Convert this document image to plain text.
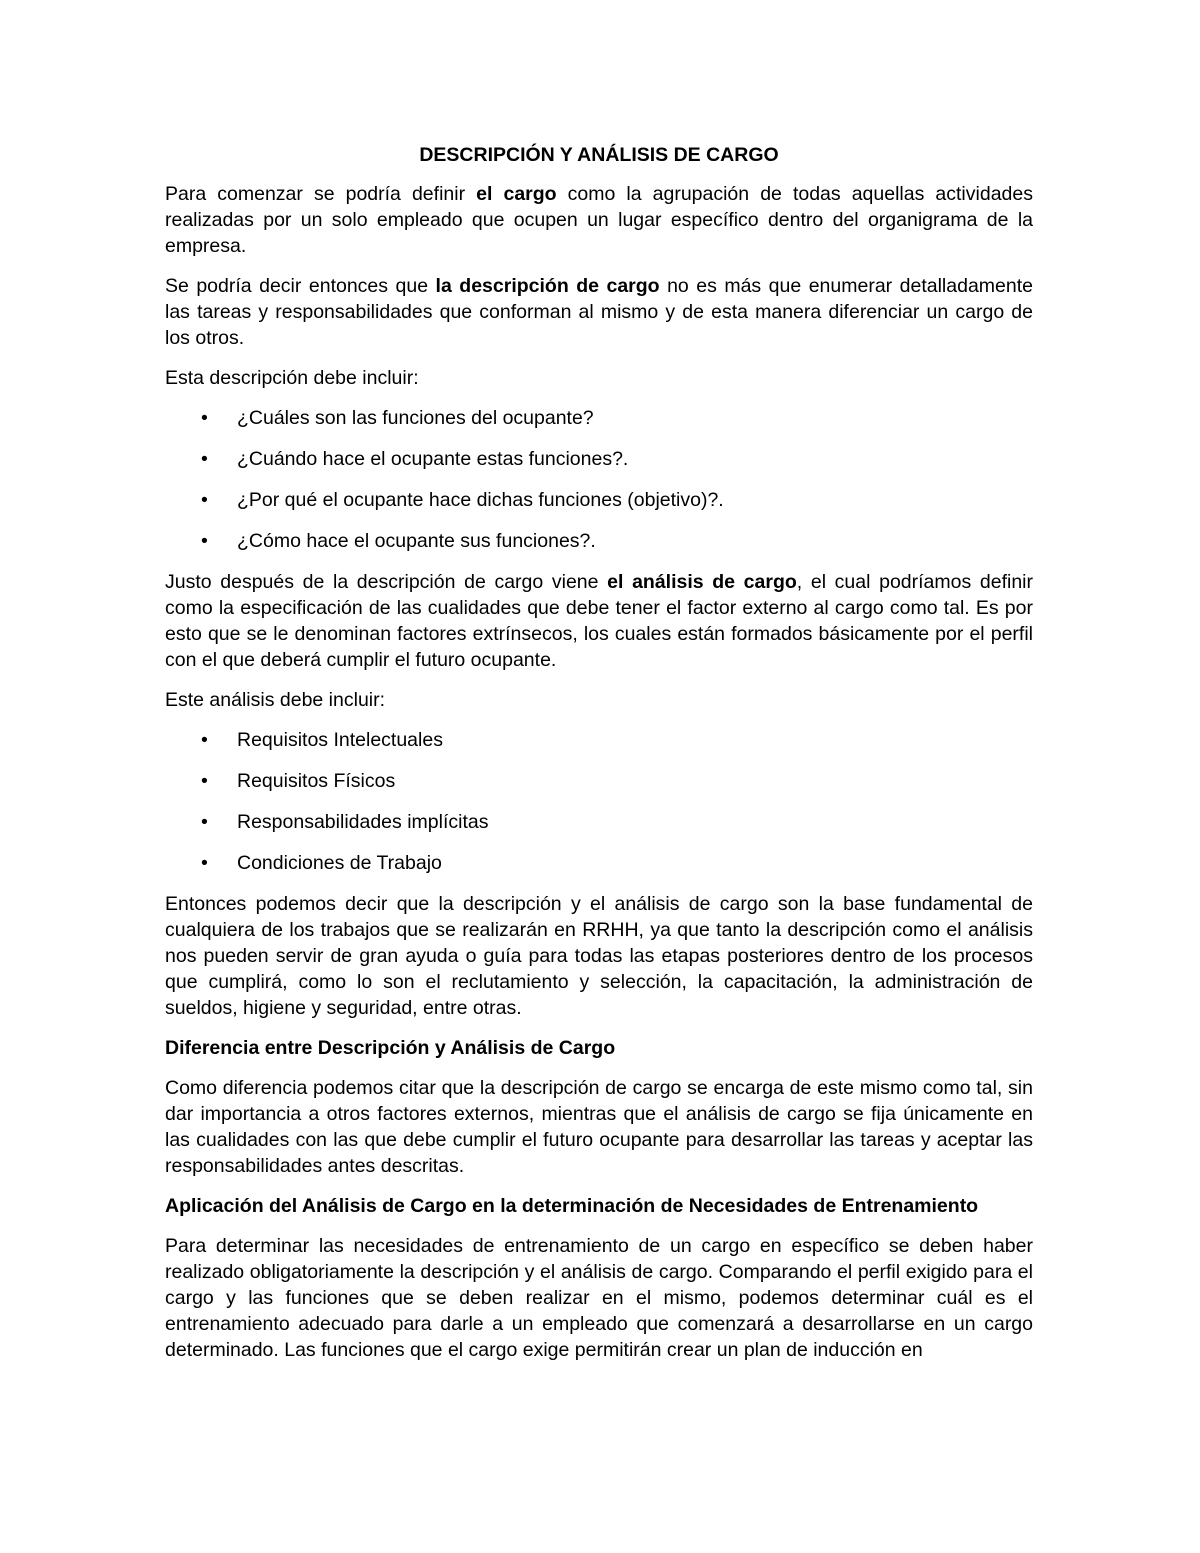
DESCRIPCIÓN Y ANÁLISIS DE CARGO

Para comenzar se podría definir el cargo como la agrupación de todas aquellas actividades realizadas por un solo empleado que ocupen un lugar específico dentro del organigrama de la empresa.

Se podría decir entonces que la descripción de cargo no es más que enumerar detalladamente las tareas y responsabilidades que conforman al mismo y de esta manera diferenciar un cargo de los otros.

Esta descripción debe incluir:

• ¿Cuáles son las funciones del ocupante?
• ¿Cuándo hace el ocupante estas funciones?.
• ¿Por qué el ocupante hace dichas funciones (objetivo)?.
• ¿Cómo hace el ocupante sus funciones?.

Justo después de la descripción de cargo viene el análisis de cargo, el cual podríamos definir como la especificación de las cualidades que debe tener el factor externo al cargo como tal. Es por esto que se le denominan factores extrínsecos, los cuales están formados básicamente por el perfil con el que deberá cumplir el futuro ocupante.

Este análisis debe incluir:

• Requisitos Intelectuales
• Requisitos Físicos
• Responsabilidades implícitas
• Condiciones de Trabajo

Entonces podemos decir que la descripción y el análisis de cargo son la base fundamental de cualquiera de los trabajos que se realizarán en RRHH, ya que tanto la descripción como el análisis nos pueden servir de gran ayuda o guía para todas las etapas posteriores dentro de los procesos que cumplirá, como lo son el reclutamiento y selección, la capacitación, la administración de sueldos, higiene y seguridad, entre otras.

Diferencia entre Descripción y Análisis de Cargo

Como diferencia podemos citar que la descripción de cargo se encarga de este mismo como tal, sin dar importancia a otros factores externos, mientras que el análisis de cargo se fija únicamente en las cualidades con las que debe cumplir el futuro ocupante para desarrollar las tareas y aceptar las responsabilidades antes descritas.

Aplicación del Análisis de Cargo en la determinación de Necesidades de Entrenamiento

Para determinar las necesidades de entrenamiento de un cargo en específico se deben haber realizado obligatoriamente la descripción y el análisis de cargo. Comparando el perfil exigido para el cargo y las funciones que se deben realizar en el mismo, podemos determinar cuál es el entrenamiento adecuado para darle a un empleado que comenzará a desarrollarse en un cargo determinado. Las funciones que el cargo exige permitirán crear un plan de inducción en
